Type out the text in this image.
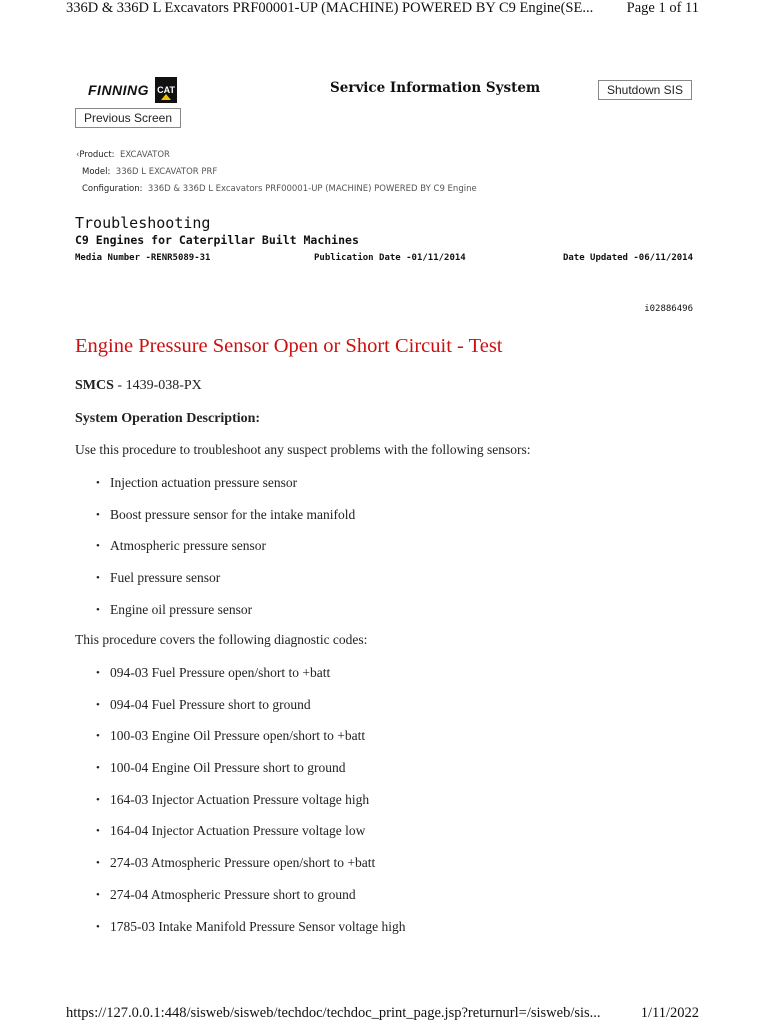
336D & 336D L Excavators PRF00001-UP (MACHINE) POWERED BY C9 Engine(SE... Page 1 of 11
FINNING CAT	Service Information System	Shutdown SIS
Previous Screen
‹Product: EXCAVATOR
Model: 336D L EXCAVATOR PRF
Configuration: 336D & 336D L Excavators PRF00001-UP (MACHINE) POWERED BY C9 Engine
Troubleshooting
C9 Engines for Caterpillar Built Machines
Media Number -RENR5089-31	Publication Date -01/11/2014	Date Updated -06/11/2014
i02886496
Engine Pressure Sensor Open or Short Circuit - Test
SMCS - 1439-038-PX
System Operation Description:
Use this procedure to troubleshoot any suspect problems with the following sensors:
• Injection actuation pressure sensor
• Boost pressure sensor for the intake manifold
• Atmospheric pressure sensor
• Fuel pressure sensor
• Engine oil pressure sensor
This procedure covers the following diagnostic codes:
• 094-03 Fuel Pressure open/short to +batt
• 094-04 Fuel Pressure short to ground
• 100-03 Engine Oil Pressure open/short to +batt
• 100-04 Engine Oil Pressure short to ground
• 164-03 Injector Actuation Pressure voltage high
• 164-04 Injector Actuation Pressure voltage low
• 274-03 Atmospheric Pressure open/short to +batt
• 274-04 Atmospheric Pressure short to ground
• 1785-03 Intake Manifold Pressure Sensor voltage high
https://127.0.0.1:448/sisweb/sisweb/techdoc/techdoc_print_page.jsp?returnurl=/sisweb/sis...	1/11/2022
